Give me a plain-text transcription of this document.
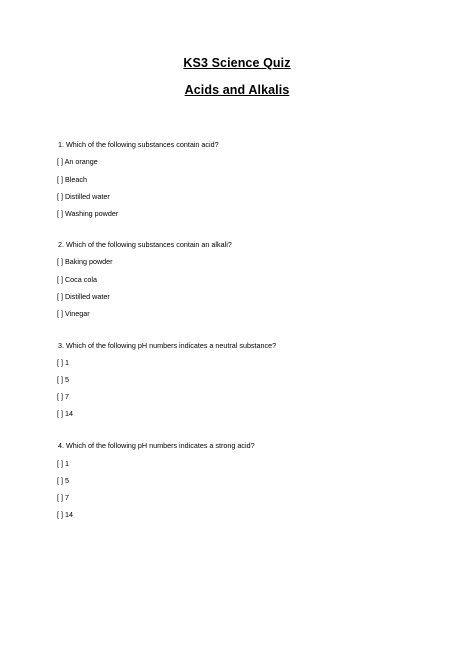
KS3 Science Quiz
Acids and Alkalis
1. Which of the following substances contain acid?
[ ] An orange
[ ] Bleach
[ ] Distilled water
[ ] Washing powder
2. Which of the following substances contain an alkali?
[ ] Baking powder
[ ] Coca cola
[ ] Distilled water
[ ] Vinegar
3. Which of the following pH numbers indicates a neutral substance?
[ ] 1
[ ] 5
[ ] 7
[ ] 14
4. Which of the following pH numbers indicates a strong acid?
[ ] 1
[ ] 5
[ ] 7
[ ] 14
